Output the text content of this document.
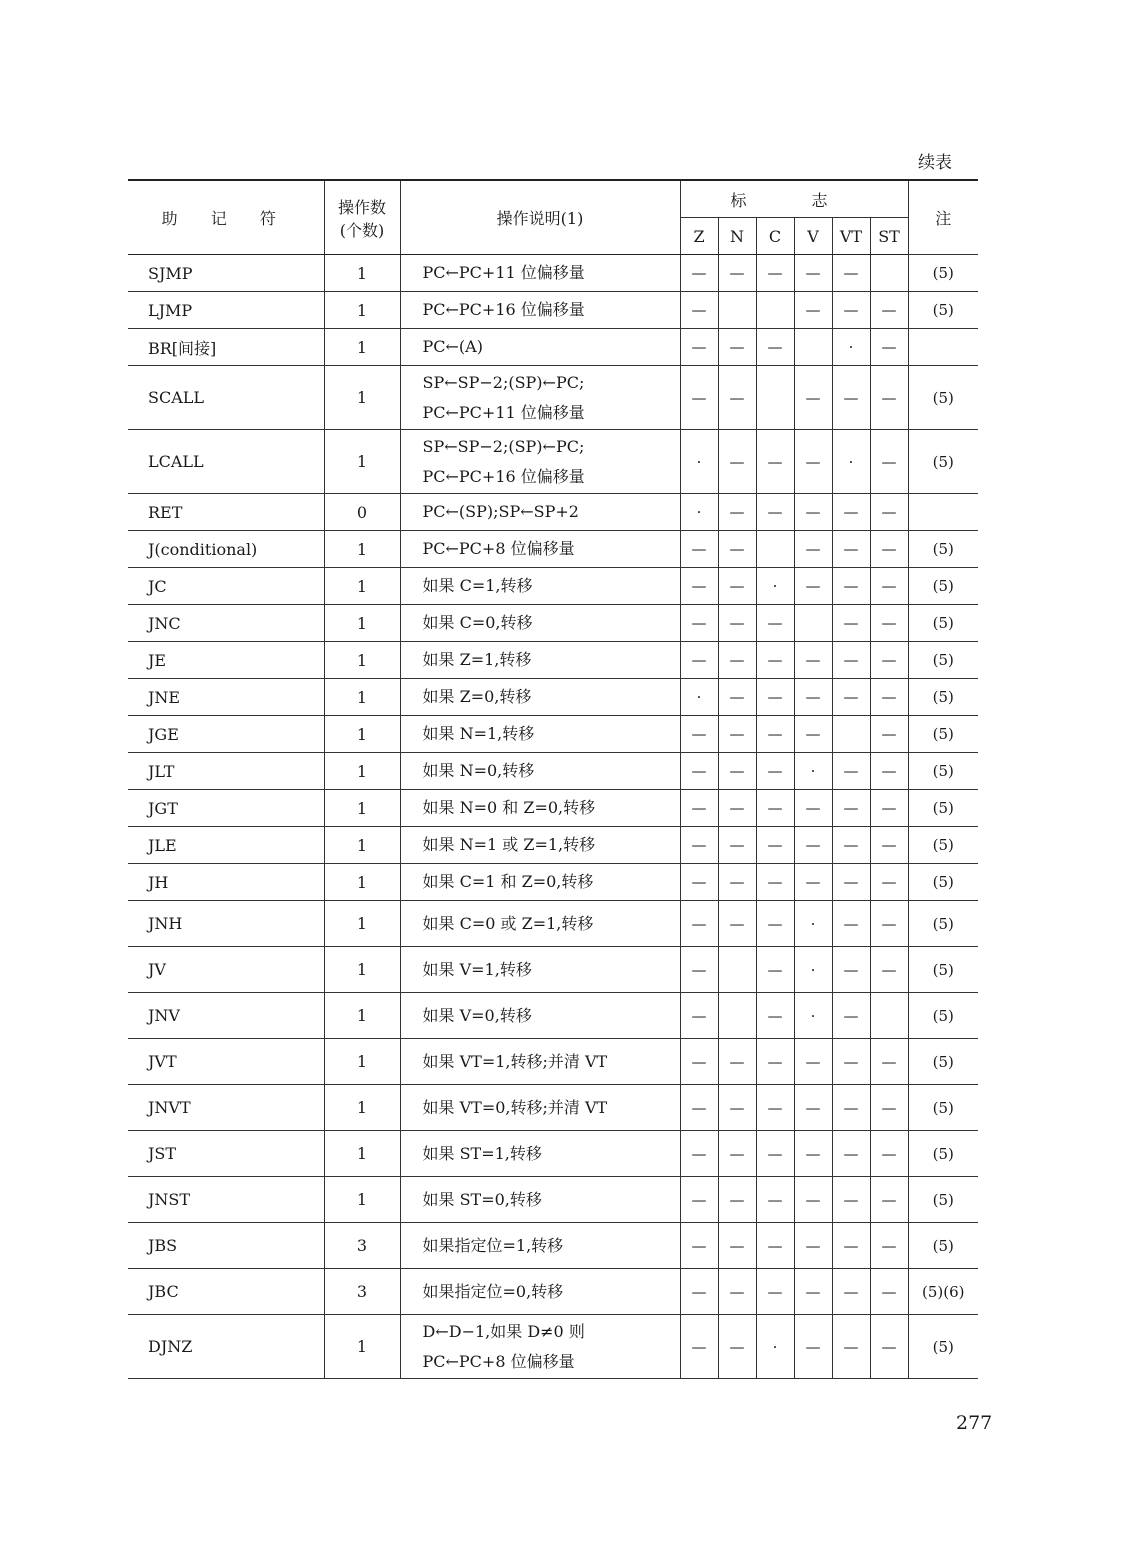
续表
助 记 符	操作数
(个数)	操作说明(1)	标 志						注
			Z	N	C	V	VT	ST	
SJMP	1	PC←PC+11 位偏移量	—	—	—	—	—		(5)
LJMP	1	PC←PC+16 位偏移量	—			—	—	—	(5)
BR[间接]	1	PC←(A)	—	—	—		·	—	
SCALL	1	SP←SP−2;(SP)←PC;
PC←PC+11 位偏移量	—	—		—	—	—	(5)
LCALL	1	SP←SP−2;(SP)←PC;
PC←PC+16 位偏移量	·	—	—	—	·	—	(5)
RET	0	PC←(SP);SP←SP+2	·	—	—	—	—	—	
J(conditional)	1	PC←PC+8 位偏移量	—	—		—	—	—	(5)
JC	1	如果 C=1,转移	—	—	·	—	—	—	(5)
JNC	1	如果 C=0,转移	—	—	—		—	—	(5)
JE	1	如果 Z=1,转移	—	—	—	—	—	—	(5)
JNE	1	如果 Z=0,转移	·	—	—	—	—	—	(5)
JGE	1	如果 N=1,转移	—	—	—	—		—	(5)
JLT	1	如果 N=0,转移	—	—	—	·	—	—	(5)
JGT	1	如果 N=0 和 Z=0,转移	—	—	—	—	—	—	(5)
JLE	1	如果 N=1 或 Z=1,转移	—	—	—	—	—	—	(5)
JH	1	如果 C=1 和 Z=0,转移	—	—	—	—	—	—	(5)
JNH	1	如果 C=0 或 Z=1,转移	—	—	—	·	—	—	(5)
JV	1	如果 V=1,转移	—		—	·	—	—	(5)
JNV	1	如果 V=0,转移	—		—	·	—		(5)
JVT	1	如果 VT=1,转移;并清 VT	—	—	—	—	—	—	(5)
JNVT	1	如果 VT=0,转移;并清 VT	—	—	—	—	—	—	(5)
JST	1	如果 ST=1,转移	—	—	—	—	—	—	(5)
JNST	1	如果 ST=0,转移	—	—	—	—	—	—	(5)
JBS	3	如果指定位=1,转移	—	—	—	—	—	—	(5)
JBC	3	如果指定位=0,转移	—	—	—	—	—	—	(5)(6)
DJNZ	1	D←D−1,如果 D≠0 则
PC←PC+8 位偏移量	—	—	·	—	—	—	(5)
277
